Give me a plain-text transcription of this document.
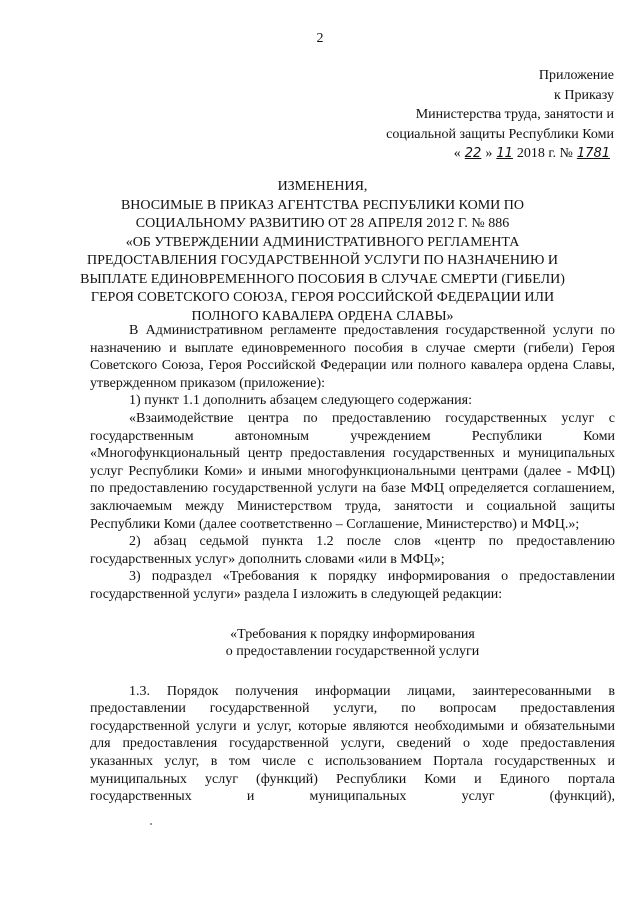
2
Приложение
к Приказу
Министерства труда, занятости и
социальной защиты Республики Коми
« 22 » 11 2018 г. № 1781
ИЗМЕНЕНИЯ,
ВНОСИМЫЕ В ПРИКАЗ АГЕНТСТВА РЕСПУБЛИКИ КОМИ ПО
СОЦИАЛЬНОМУ РАЗВИТИЮ ОТ 28 АПРЕЛЯ 2012 Г. № 886
«ОБ УТВЕРЖДЕНИИ АДМИНИСТРАТИВНОГО РЕГЛАМЕНТА
ПРЕДОСТАВЛЕНИЯ ГОСУДАРСТВЕННОЙ УСЛУГИ ПО НАЗНАЧЕНИЮ И
ВЫПЛАТЕ ЕДИНОВРЕМЕННОГО ПОСОБИЯ В СЛУЧАЕ СМЕРТИ (ГИБЕЛИ)
ГЕРОЯ СОВЕТСКОГО СОЮЗА, ГЕРОЯ РОССИЙСКОЙ ФЕДЕРАЦИИ ИЛИ
ПОЛНОГО КАВАЛЕРА ОРДЕНА СЛАВЫ»

В Административном регламенте предоставления государственной услуги по назначению и выплате единовременного пособия в случае смерти (гибели) Героя Советского Союза, Героя Российской Федерации или полного кавалера ордена Славы, утвержденном приказом (приложение):

1) пункт 1.1 дополнить абзацем следующего содержания:

«Взаимодействие центра по предоставлению государственных услуг с государственным автономным учреждением Республики Коми «Многофункциональный центр предоставления государственных и муниципальных услуг Республики Коми» и иными многофункциональными центрами (далее - МФЦ) по предоставлению государственной услуги на базе МФЦ определяется соглашением, заключаемым между Министерством труда, занятости и социальной защиты Республики Коми (далее соответственно – Соглашение, Министерство) и МФЦ.»;

2) абзац седьмой пункта 1.2 после слов «центр по предоставлению государственных услуг» дополнить словами «или в МФЦ»;

3) подраздел «Требования к порядку информирования о предоставлении государственной услуги» раздела I изложить в следующей редакции:

«Требования к порядку информирования
о предоставлении государственной услуги

1.3. Порядок получения информации лицами, заинтересованными в предоставлении государственной услуги, по вопросам предоставления государственной услуги и услуг, которые являются необходимыми и обязательными для предоставления государственной услуги, сведений о ходе предоставления указанных услуг, в том числе с использованием Портала государственных и муниципальных услуг (функций) Республики Коми и Единого портала государственных и муниципальных услуг (функций),
